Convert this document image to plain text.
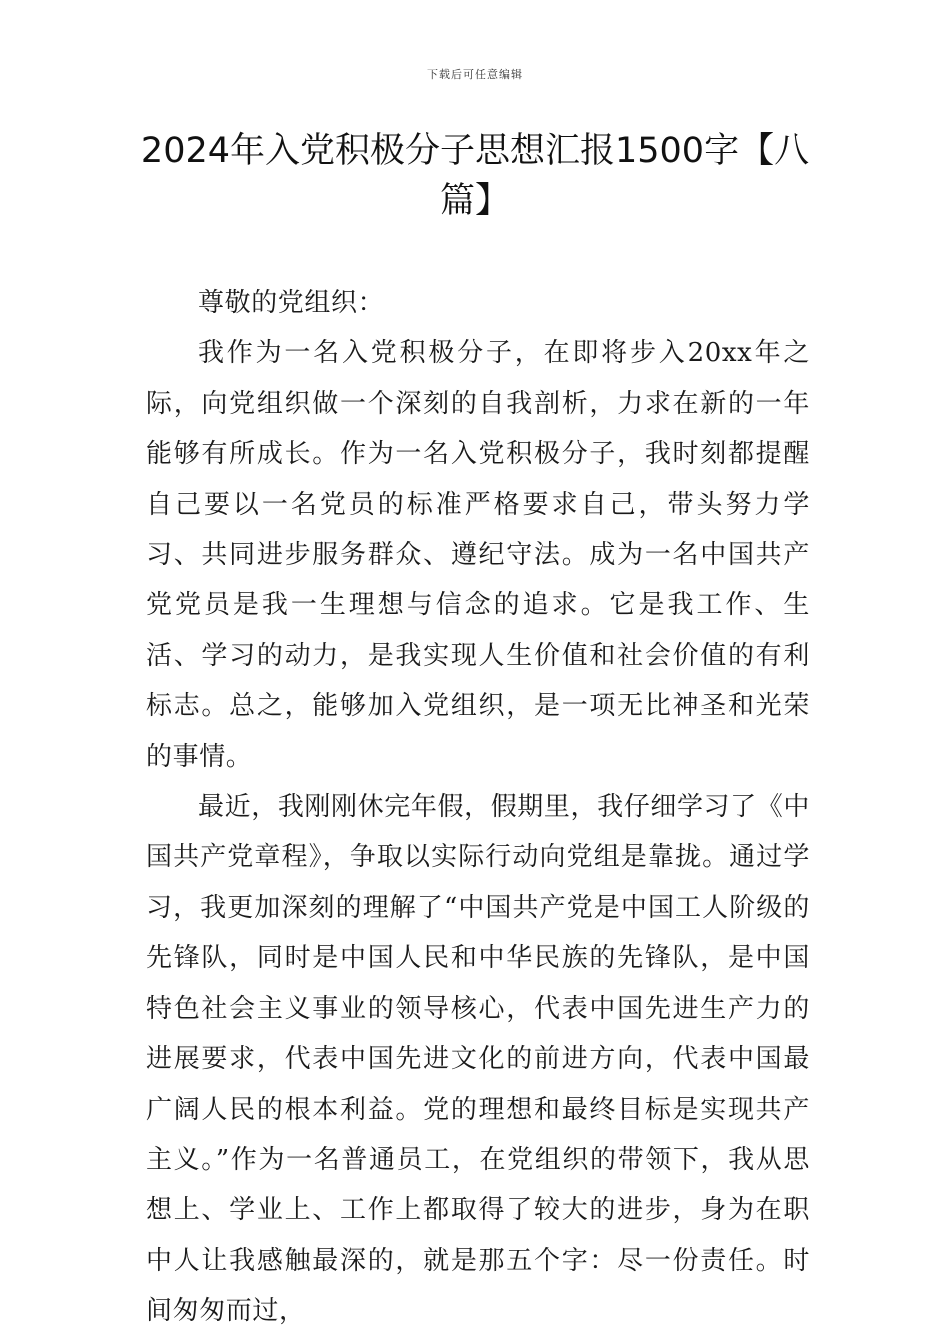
下载后可任意编辑
2024年入党积极分子思想汇报1500字【八篇】

尊敬的党组织：

我作为一名入党积极分子，在即将步入20xx年之际，向党组织做一个深刻的自我剖析，力求在新的一年能够有所成长。作为一名入党积极分子，我时刻都提醒自己要以一名党员的标准严格要求自己，带头努力学习、共同进步服务群众、遵纪守法。成为一名中国共产党党员是我一生理想与信念的追求。它是我工作、生活、学习的动力，是我实现人生价值和社会价值的有利标志。总之，能够加入党组织，是一项无比神圣和光荣的事情。

最近，我刚刚休完年假，假期里，我仔细学习了《中国共产党章程》，争取以实际行动向党组是靠拢。通过学习，我更加深刻的理解了“中国共产党是中国工人阶级的先锋队，同时是中国人民和中华民族的先锋队，是中国特色社会主义事业的领导核心，代表中国先进生产力的进展要求，代表中国先进文化的前进方向，代表中国最广阔人民的根本利益。党的理想和最终目标是实现共产主义。”作为一名普通员工，在党组织的带领下，我从思想上、学业上、工作上都取得了较大的进步，身为在职中人让我感触最深的，就是那五个字：尽一份责任。时间匆匆而过，
